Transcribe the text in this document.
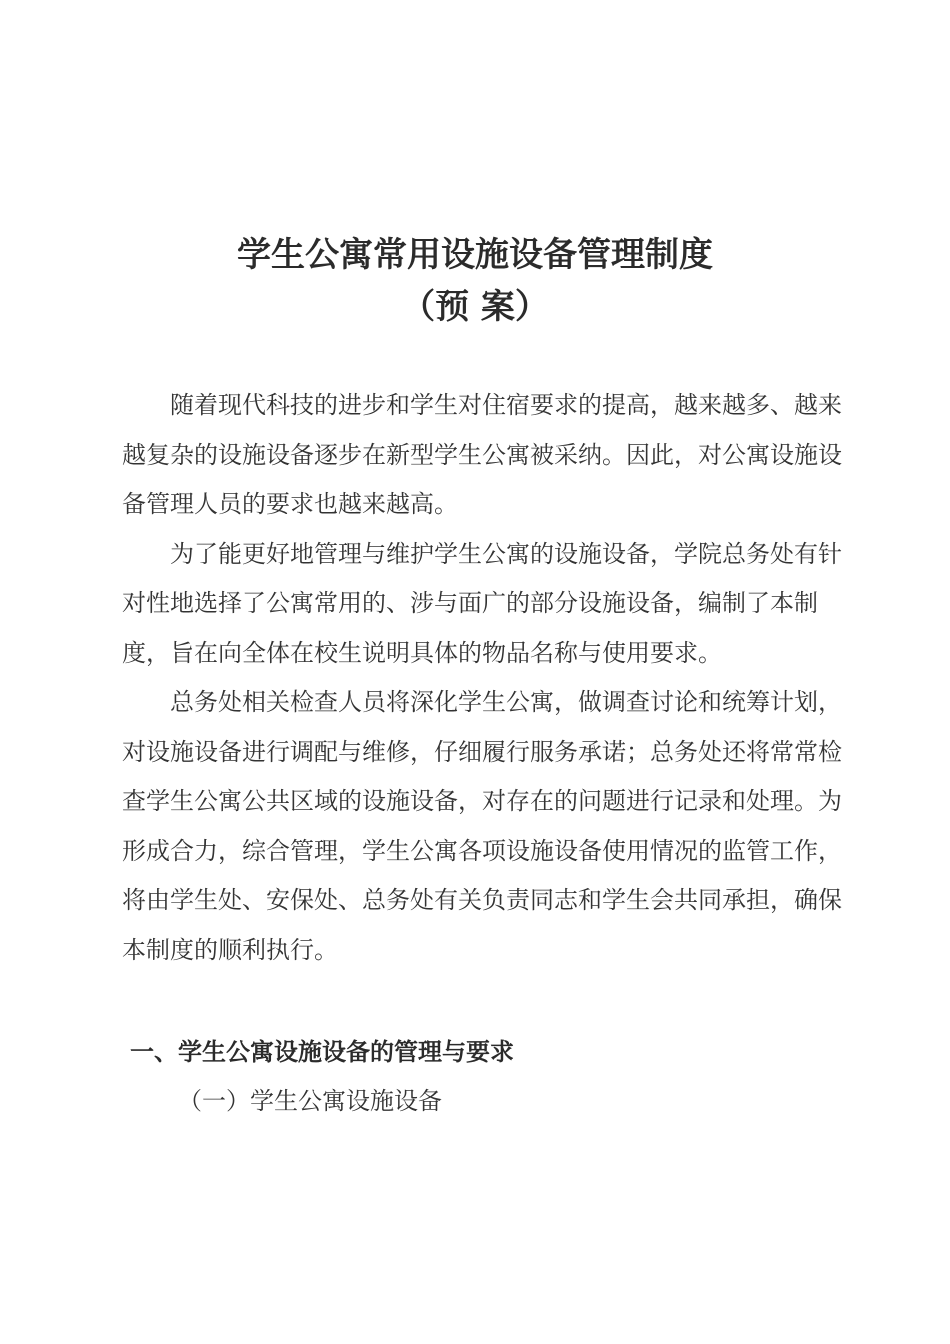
学生公寓常用设施设备管理制度
（预 案）

随着现代科技的进步和学生对住宿要求的提高，越来越多、越来越复杂的设施设备逐步在新型学生公寓被采纳。因此，对公寓设施设备管理人员的要求也越来越高。

为了能更好地管理与维护学生公寓的设施设备，学院总务处有针对性地选择了公寓常用的、涉与面广的部分设施设备，编制了本制度，旨在向全体在校生说明具体的物品名称与使用要求。

总务处相关检查人员将深化学生公寓，做调查讨论和统筹计划，对设施设备进行调配与维修，仔细履行服务承诺；总务处还将常常检查学生公寓公共区域的设施设备，对存在的问题进行记录和处理。为形成合力，综合管理，学生公寓各项设施设备使用情况的监管工作，将由学生处、安保处、总务处有关负责同志和学生会共同承担，确保本制度的顺利执行。

一、学生公寓设施设备的管理与要求
（一）学生公寓设施设备
